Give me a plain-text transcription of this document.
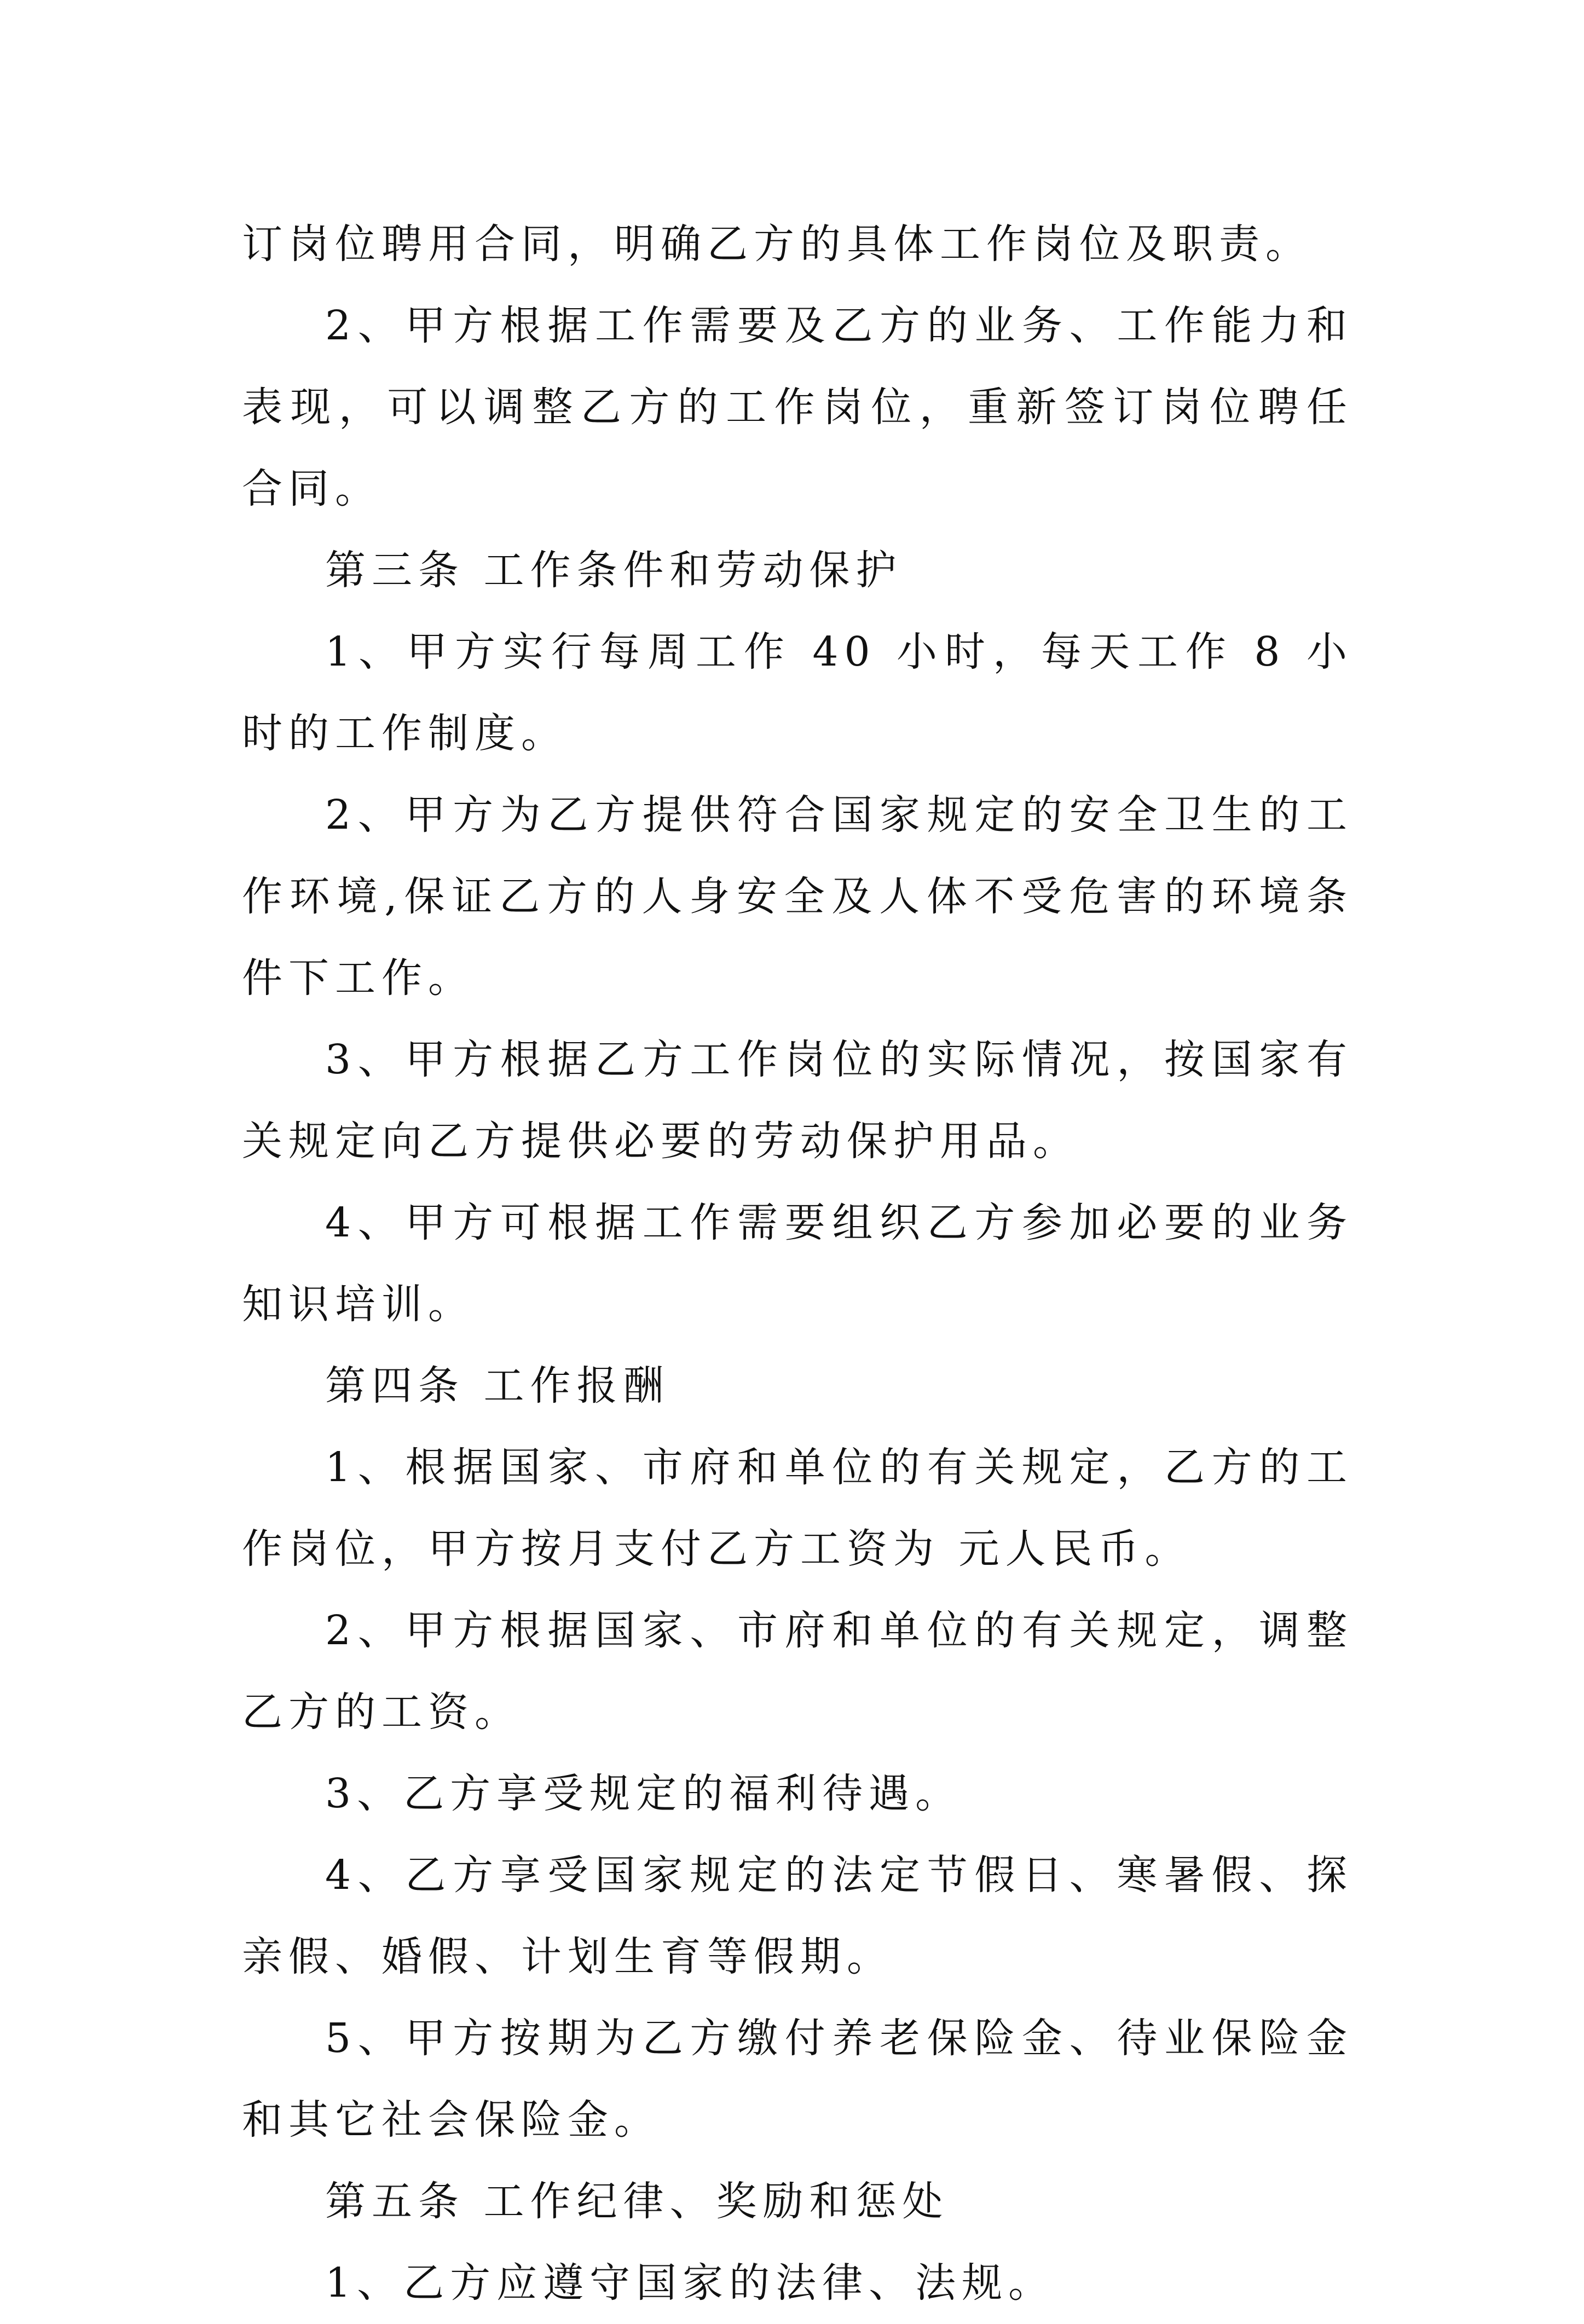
订岗位聘用合同，明确乙方的具体工作岗位及职责。

2、甲方根据工作需要及乙方的业务、工作能力和表现，可以调整乙方的工作岗位，重新签订岗位聘任合同。

第三条 工作条件和劳动保护

1、甲方实行每周工作 40 小时，每天工作 8 小时的工作制度。

2、甲方为乙方提供符合国家规定的安全卫生的工作环境,保证乙方的人身安全及人体不受危害的环境条件下工作。

3、甲方根据乙方工作岗位的实际情况，按国家有关规定向乙方提供必要的劳动保护用品。

4、甲方可根据工作需要组织乙方参加必要的业务知识培训。

第四条 工作报酬

1、根据国家、市府和单位的有关规定，乙方的工作岗位，甲方按月支付乙方工资为 元人民币。

2、甲方根据国家、市府和单位的有关规定，调整乙方的工资。

3、乙方享受规定的福利待遇。

4、乙方享受国家规定的法定节假日、寒暑假、探亲假、婚假、计划生育等假期。

5、甲方按期为乙方缴付养老保险金、待业保险金和其它社会保险金。

第五条 工作纪律、奖励和惩处

1、乙方应遵守国家的法律、法规。
